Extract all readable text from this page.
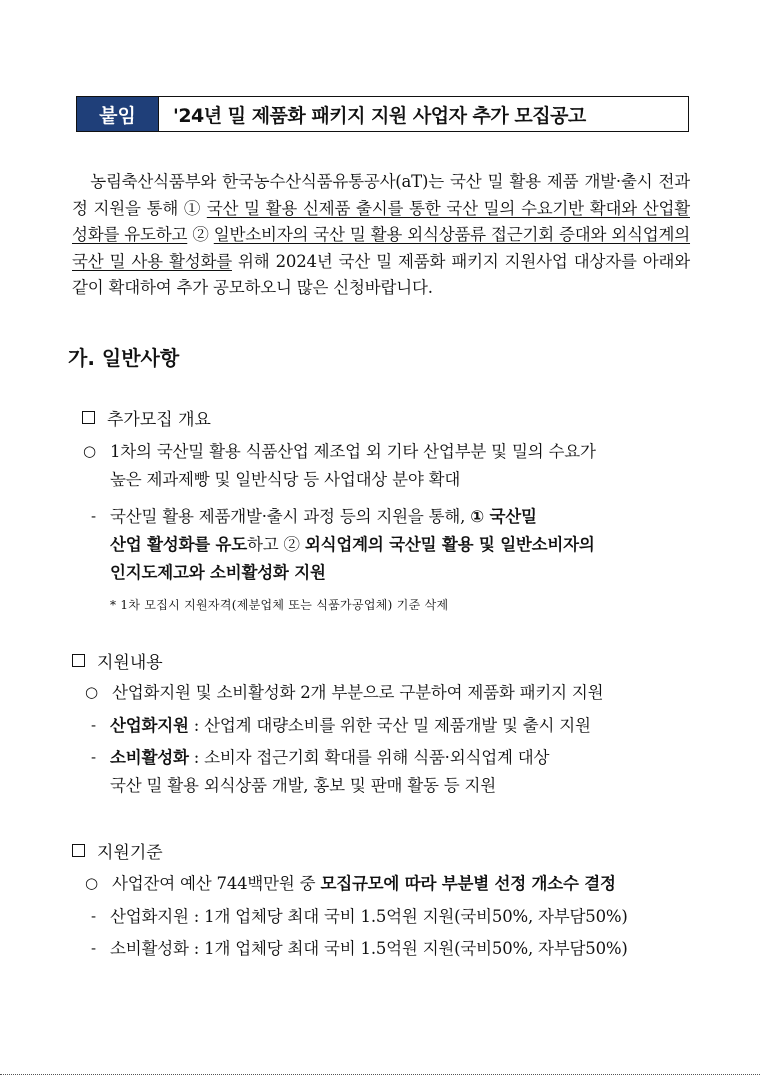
붙임	'24년 밀 제품화 패키지 지원 사업자 추가 모집공고
농림축산식품부와 한국농수산식품유통공사(aT)는 국산 밀 활용 제품 개발·출시 전과정 지원을 통해 ① 국산 밀 활용 신제품 출시를 통한 국산 밀의 수요기반 확대와 산업활성화를 유도하고 ② 일반소비자의 국산 밀 활용 외식상품류 접근기회 증대와 외식업계의 국산 밀 사용 활성화를 위해 2024년 국산 밀 제품화 패키지 지원사업 대상자를 아래와 같이 확대하여 추가 공모하오니 많은 신청바랍니다.
가. 일반사항
추가모집 개요
○ 1차의 국산밀 활용 식품산업 제조업 외 기타 산업부분 및 밀의 수요가
높은 제과제빵 및 일반식당 등 사업대상 분야 확대
- 국산밀 활용 제품개발·출시 과정 등의 지원을 통해, ① 국산밀
산업 활성화를 유도하고 ② 외식업계의 국산밀 활용 및 일반소비자의
인지도제고와 소비활성화 지원
* 1차 모집시 지원자격(제분업체 또는 식품가공업체) 기준 삭제
지원내용
○ 산업화지원 및 소비활성화 2개 부분으로 구분하여 제품화 패키지 지원
- 산업화지원 : 산업계 대량소비를 위한 국산 밀 제품개발 및 출시 지원
- 소비활성화 : 소비자 접근기회 확대를 위해 식품·외식업계 대상
국산 밀 활용 외식상품 개발, 홍보 및 판매 활동 등 지원
지원기준
○ 사업잔여 예산 744백만원 중 모집규모에 따라 부분별 선정 개소수 결정
- 산업화지원 : 1개 업체당 최대 국비 1.5억원 지원(국비50%, 자부담50%)
- 소비활성화 : 1개 업체당 최대 국비 1.5억원 지원(국비50%, 자부담50%)
